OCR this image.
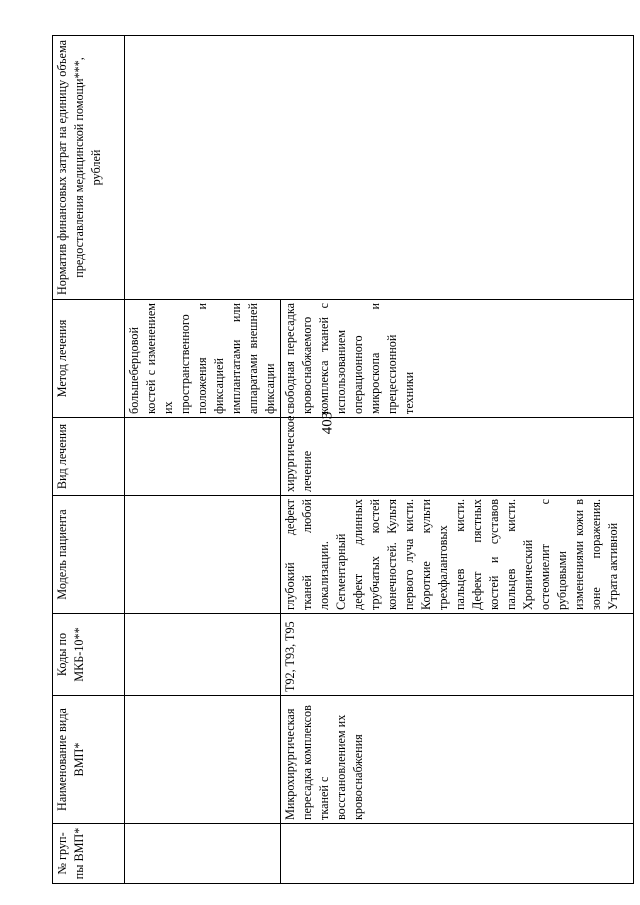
403
№ груп-пы ВМП*	Наименование вида ВМП*	Коды по МКБ-10**	Модель пациента	Вид лечения	Метод лечения	Норматив финансовых затрат на единицу объема предоставления медицинской помощи***, рублей
					большеберцовой костей с изменением их пространственного положения и фиксацией имплантатами или аппаратами внешней фиксации	
	Микрохирургическая пересадка комплексов тканей с восстановлением их кровоснабжения	T92, T93, T95	глубокий дефект тканей любой локализации. Сегментарный дефект длинных трубчатых костей конечностей. Культя первого луча кисти. Короткие культи трехфаланговых пальцев кисти. Дефект пястных костей и суставов пальцев кисти. Хронический остеомиелит с рубцовыми изменениями кожи в зоне поражения. Утрата активной	хирургическое лечение	свободная пересадка кровоснабжаемого комплекса тканей с использованием операционного микроскопа и прецессионной техники	
